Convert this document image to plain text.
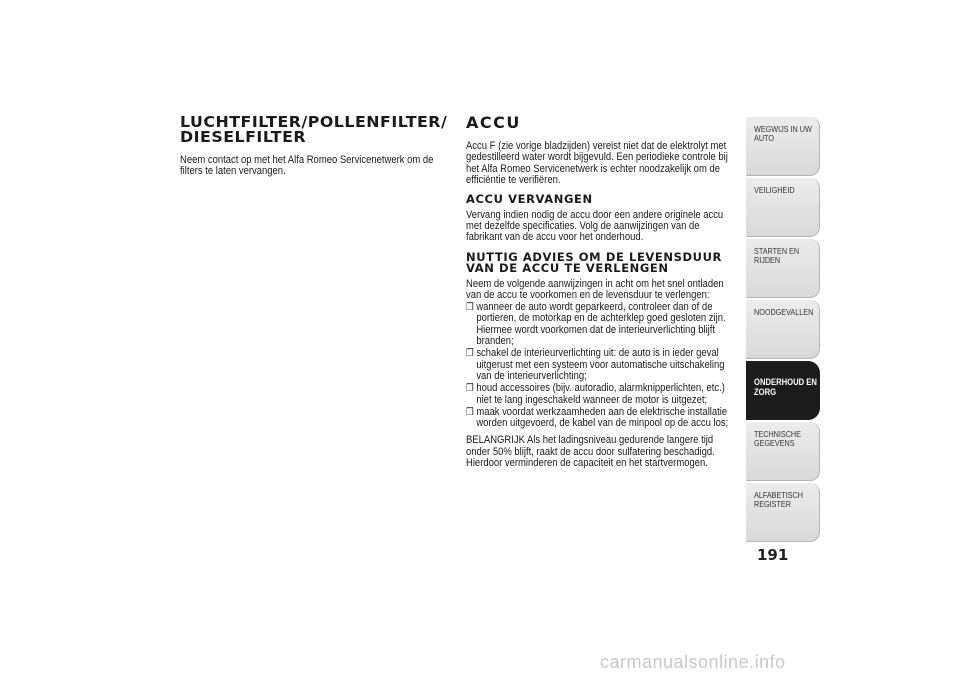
LUCHTFILTER/POLLENFILTER/ DIESELFILTER

Neem contact op met het Alfa Romeo Servicenetwerk om de filters te laten vervangen.

ACCU

Accu F (zie vorige bladzijden) vereist niet dat de elektrolyt met gedestilleerd water wordt bijgevuld. Een periodieke controle bij het Alfa Romeo Servicenetwerk is echter noodzakelijk om de efficiëntie te verifiëren.

ACCU VERVANGEN

Vervang indien nodig de accu door een andere originele accu met dezelfde specificaties. Volg de aanwijzingen van de fabrikant van de accu voor het onderhoud.

NUTTIG ADVIES OM DE LEVENSDUUR VAN DE ACCU TE VERLENGEN

Neem de volgende aanwijzingen in acht om het snel ontladen van de accu te voorkomen en de levensduur te verlengen:

❒ wanneer de auto wordt geparkeerd, controleer dan of de portieren, de motorkap en de achterklep goed gesloten zijn. Hiermee wordt voorkomen dat de interieurverlichting blijft branden;
❒ schakel de interieurverlichting uit: de auto is in ieder geval uitgerust met een systeem voor automatische uitschakeling van de interieurverlichting;
❒ houd accessoires (bijv. autoradio, alarmknipperlichten, etc.) niet te lang ingeschakeld wanneer de motor is uitgezet;
❒ maak voordat werkzaamheden aan de elektrische installatie worden uitgevoerd, de kabel van de minpool op de accu los;

BELANGRIJK Als het ladingsniveau gedurende langere tijd onder 50% blijft, raakt de accu door sulfatering beschadigd. Hierdoor verminderen de capaciteit en het startvermogen.

WEGWIJS IN UW AUTO
VEILIGHEID
STARTEN EN RIJDEN
NOODGEVALLEN
ONDERHOUD EN ZORG
TECHNISCHE GEGEVENS
ALFABETISCH REGISTER
191
carmanualsonline.info
